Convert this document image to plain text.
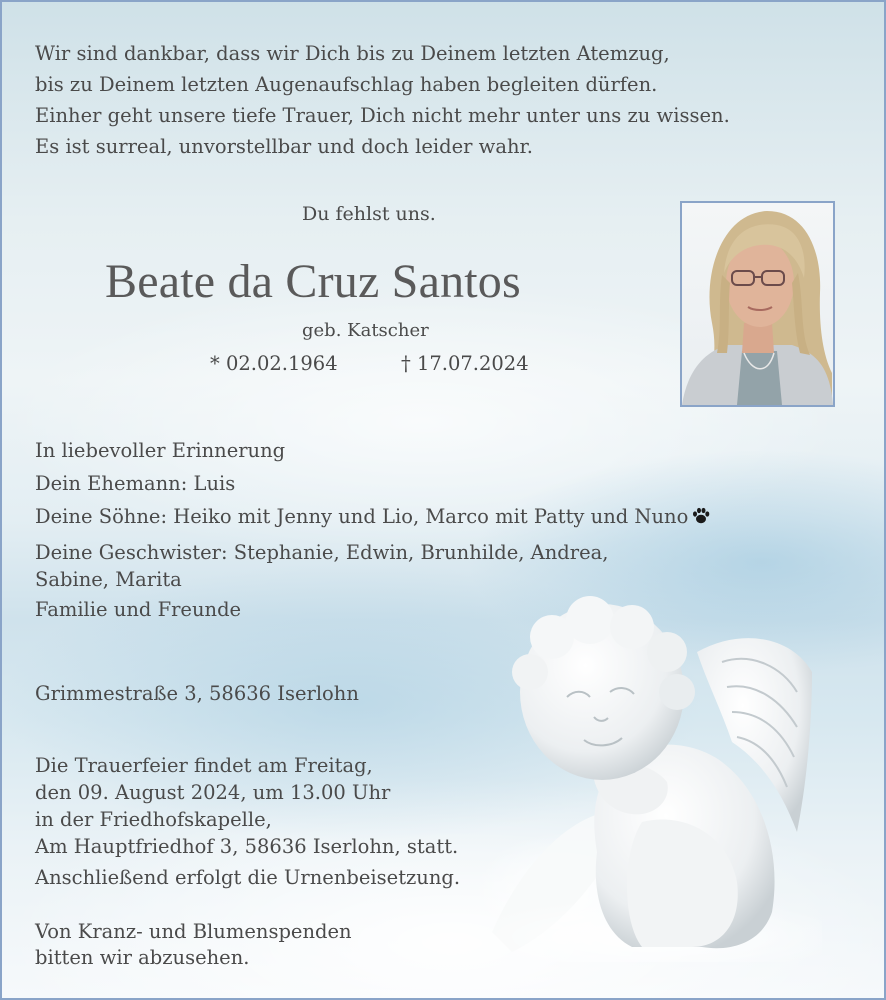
Wir sind dankbar, dass wir Dich bis zu Deinem letzten Atemzug,
bis zu Deinem letzten Augenaufschlag haben begleiten dürfen.
Einher geht unsere tiefe Trauer, Dich nicht mehr unter uns zu wissen.
Es ist surreal, unvorstellbar und doch leider wahr.
Du fehlst uns.
Beate da Cruz Santos
geb. Katscher
* 02.02.1964	† 17.07.2024
In liebevoller Erinnerung
Dein Ehemann: Luis
Deine Söhne: Heiko mit Jenny und Lio, Marco mit Patty und Nuno
Deine Geschwister: Stephanie, Edwin, Brunhilde, Andrea,
Sabine, Marita
Familie und Freunde
Grimmestraße 3, 58636 Iserlohn
Die Trauerfeier findet am Freitag,
den 09. August 2024, um 13.00 Uhr
in der Friedhofskapelle,
Am Hauptfriedhof 3, 58636 Iserlohn, statt.
Anschließend erfolgt die Urnenbeisetzung.
Von Kranz- und Blumenspenden
bitten wir abzusehen.
